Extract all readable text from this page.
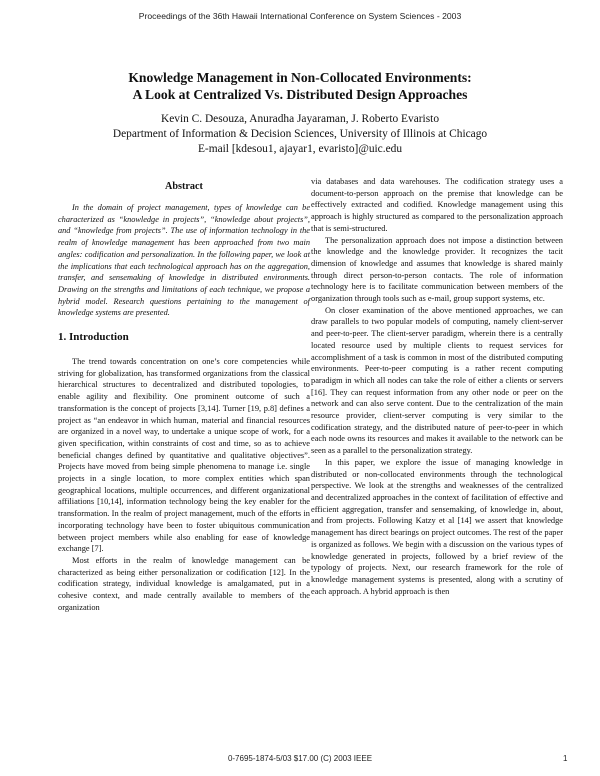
Proceedings of the 36th Hawaii International Conference on System Sciences - 2003
Knowledge Management in Non-Collocated Environments:
A Look at Centralized Vs. Distributed Design Approaches
Kevin C. Desouza, Anuradha Jayaraman, J. Roberto Evaristo
Department of Information & Decision Sciences, University of Illinois at Chicago
E-mail [kdesou1, ajayar1, evaristo]@uic.edu
Abstract

In the domain of project management, types of knowledge can be characterized as “knowledge in projects”, “knowledge about projects”, and “knowledge from projects”. The use of information technology in the realm of knowledge management has been approached from two main angles: codification and personalization. In the following paper, we look at the implications that each technological approach has on the aggregation, transfer, and sensemaking of knowledge in distributed environments. Drawing on the strengths and limitations of each technique, we propose a hybrid model. Research questions pertaining to the management of knowledge systems are presented.

1. Introduction

The trend towards concentration on one’s core competencies while striving for globalization, has transformed organizations from the classical hierarchical structures to decentralized and distributed topologies, to enable agility and flexibility. One prominent outcome of such a transformation is the concept of projects [3,14]. Turner [19, p.8] defines a project as “an endeavor in which human, material and financial resources are organized in a novel way, to undertake a unique scope of work, for a given specification, within constraints of cost and time, so as to achieve beneficial changes defined by quantitative and qualitative objectives”. Projects have moved from being simple phenomena to manage i.e. single projects in a single location, to more complex entities which span geographical locations, multiple occurrences, and different organizational affiliations [10,14], information technology being the key enabler for the transformation. In the realm of project management, much of the efforts in incorporating technology have been to foster ubiquitous communication between project members while also enabling for ease of knowledge exchange [7].

Most efforts in the realm of knowledge management can be characterized as being either personalization or codification [12]. In the codification strategy, individual knowledge is amalgamated, put in a cohesive context, and made centrally available to members of the organization

via databases and data warehouses. The codification strategy uses a document-to-person approach on the premise that knowledge can be effectively extracted and codified. Knowledge management using this approach is highly structured as compared to the personalization approach that is semi-structured.

The personalization approach does not impose a distinction between the knowledge and the knowledge provider. It recognizes the tacit dimension of knowledge and assumes that knowledge is shared mainly through direct person-to-person contacts. The role of information technology here is to facilitate communication between members of the organization through tools such as e-mail, group support systems, etc.

On closer examination of the above mentioned approaches, we can draw parallels to two popular models of computing, namely client-server and peer-to-peer. The client-server paradigm, wherein there is a centrally located resource used by multiple clients to request services for accomplishment of a task is common in most of the distributed computing environments. Peer-to-peer computing is a rather recent computing paradigm in which all nodes can take the role of either a clients or servers [16]. They can request information from any other node or peer on the network and can also serve content. Due to the centralization of the main resource provider, client-server computing is very similar to the codification strategy, and the distributed nature of peer-to-peer in which each node owns its resources and makes it available to the network can be seen as a parallel to the personalization strategy.

In this paper, we explore the issue of managing knowledge in distributed or non-collocated environments through the technological perspective. We look at the strengths and weaknesses of the centralized and decentralized approaches in the context of facilitation of effective and efficient aggregation, transfer and sensemaking, of knowledge in, about, and from projects. Following Katzy et al [14] we assert that knowledge management has direct bearings on project outcomes. The rest of the paper is organized as follows. We begin with a discussion on the various types of knowledge generated in projects, followed by a brief review of the typology of projects. Next, our research framework for the role of knowledge management systems is presented, along with a scrutiny of each approach. A hybrid approach is then

0-7695-1874-5/03 $17.00 (C) 2003 IEEE	1
